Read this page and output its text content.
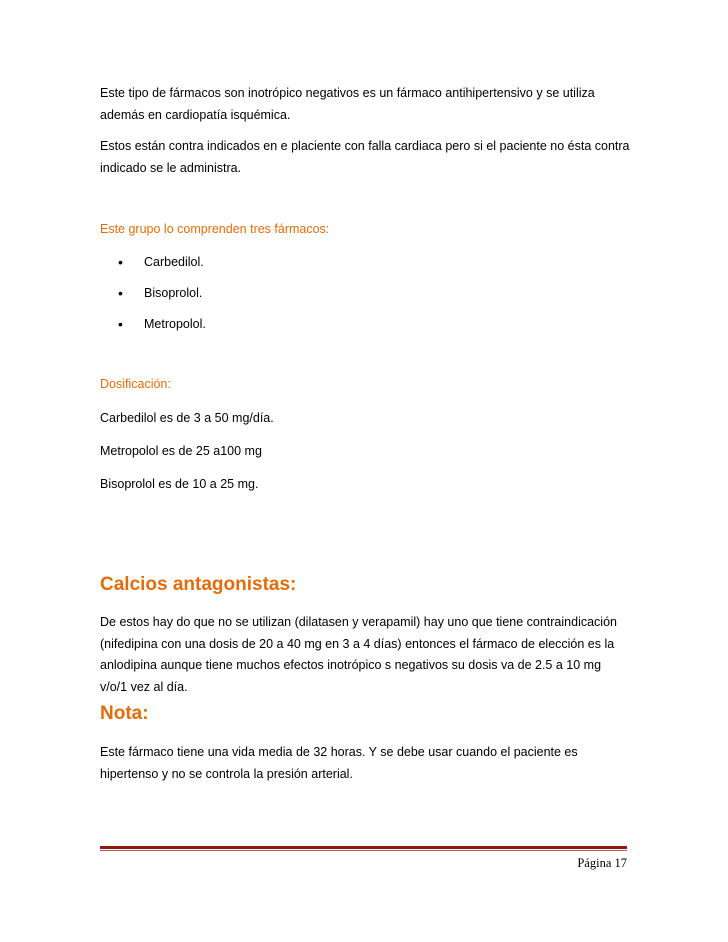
Este tipo de fármacos son inotrópico negativos es un fármaco antihipertensivo y se utiliza además en cardiopatía isquémica.

Estos están contra indicados en e placiente con falla cardiaca pero si el paciente no ésta contra indicado se le administra.

Este grupo lo comprenden tres fármacos:

• Carbedilol.
• Bisoprolol.
• Metropolol.

Dosificación:

Carbedilol es de 3 a 50 mg/día.

Metropolol es de 25 a100 mg

Bisoprolol es de 10 a 25 mg.

Calcios antagonistas:

De estos hay do que no se utilizan (dilatasen y verapamil) hay uno que tiene contraindicación (nifedipina con una dosis de 20 a 40 mg en 3 a 4 días) entonces el fármaco de elección es la anlodipina aunque tiene muchos efectos inotrópico s negativos su dosis va de 2.5 a 10 mg v/o/1 vez al día.

Nota:

Este fármaco tiene una vida media de 32 horas. Y se debe usar cuando el paciente es hipertenso y no se controla la presión arterial.

Página 17
